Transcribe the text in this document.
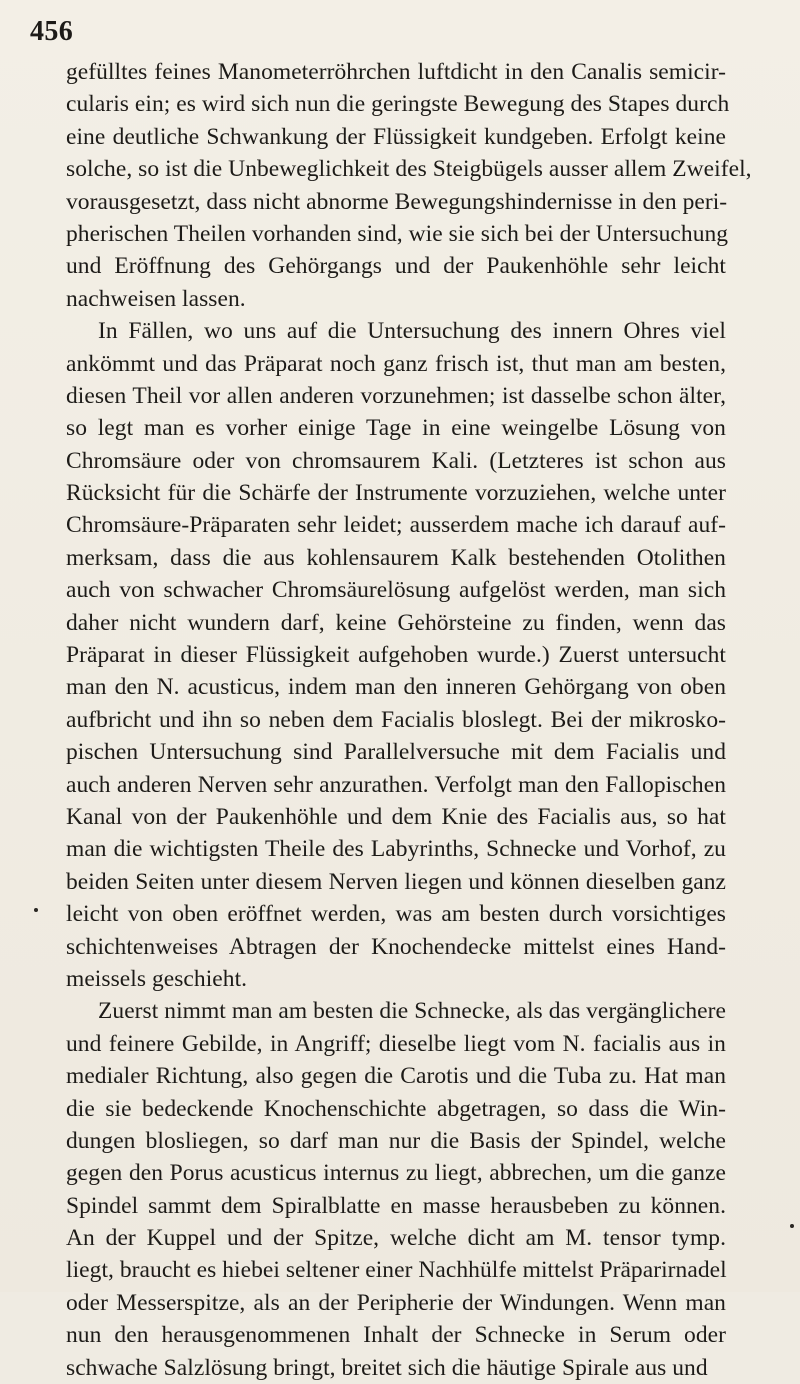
456
gefülltes feines Manometerröhrchen luftdicht in den Canalis semicir-
cularis ein; es wird sich nun die geringste Bewegung des Stapes durch
eine deutliche Schwankung der Flüssigkeit kundgeben. Erfolgt keine
solche, so ist die Unbeweglichkeit des Steigbügels ausser allem Zweifel,
vorausgesetzt, dass nicht abnorme Bewegungshindernisse in den peri-
pherischen Theilen vorhanden sind, wie sie sich bei der Untersuchung
und Eröffnung des Gehörgangs und der Paukenhöhle sehr leicht
nachweisen lassen.
In Fällen, wo uns auf die Untersuchung des innern Ohres viel
ankömmt und das Präparat noch ganz frisch ist, thut man am besten,
diesen Theil vor allen anderen vorzunehmen; ist dasselbe schon älter,
so legt man es vorher einige Tage in eine weingelbe Lösung von
Chromsäure oder von chromsaurem Kali. (Letzteres ist schon aus
Rücksicht für die Schärfe der Instrumente vorzuziehen, welche unter
Chromsäure-Präparaten sehr leidet; ausserdem mache ich darauf auf-
merksam, dass die aus kohlensaurem Kalk bestehenden Otolithen
auch von schwacher Chromsäurelösung aufgelöst werden, man sich
daher nicht wundern darf, keine Gehörsteine zu finden, wenn das
Präparat in dieser Flüssigkeit aufgehoben wurde.) Zuerst untersucht
man den N. acusticus, indem man den inneren Gehörgang von oben
aufbricht und ihn so neben dem Facialis bloslegt. Bei der mikrosko-
pischen Untersuchung sind Parallelversuche mit dem Facialis und
auch anderen Nerven sehr anzurathen. Verfolgt man den Fallopischen
Kanal von der Paukenhöhle und dem Knie des Facialis aus, so hat
man die wichtigsten Theile des Labyrinths, Schnecke und Vorhof, zu
beiden Seiten unter diesem Nerven liegen und können dieselben ganz
leicht von oben eröffnet werden, was am besten durch vorsichtiges
schichtenweises Abtragen der Knochendecke mittelst eines Hand-
meissels geschieht.
Zuerst nimmt man am besten die Schnecke, als das vergänglichere
und feinere Gebilde, in Angriff; dieselbe liegt vom N. facialis aus in
medialer Richtung, also gegen die Carotis und die Tuba zu. Hat man
die sie bedeckende Knochenschichte abgetragen, so dass die Win-
dungen blosliegen, so darf man nur die Basis der Spindel, welche
gegen den Porus acusticus internus zu liegt, abbrechen, um die ganze
Spindel sammt dem Spiralblatte en masse herausbeben zu können.
An der Kuppel und der Spitze, welche dicht am M. tensor tymp.
liegt, braucht es hiebei seltener einer Nachhülfe mittelst Präparirnadel
oder Messerspitze, als an der Peripherie der Windungen. Wenn man
nun den herausgenommenen Inhalt der Schnecke in Serum oder
schwache Salzlösung bringt, breitet sich die häutige Spirale aus und
